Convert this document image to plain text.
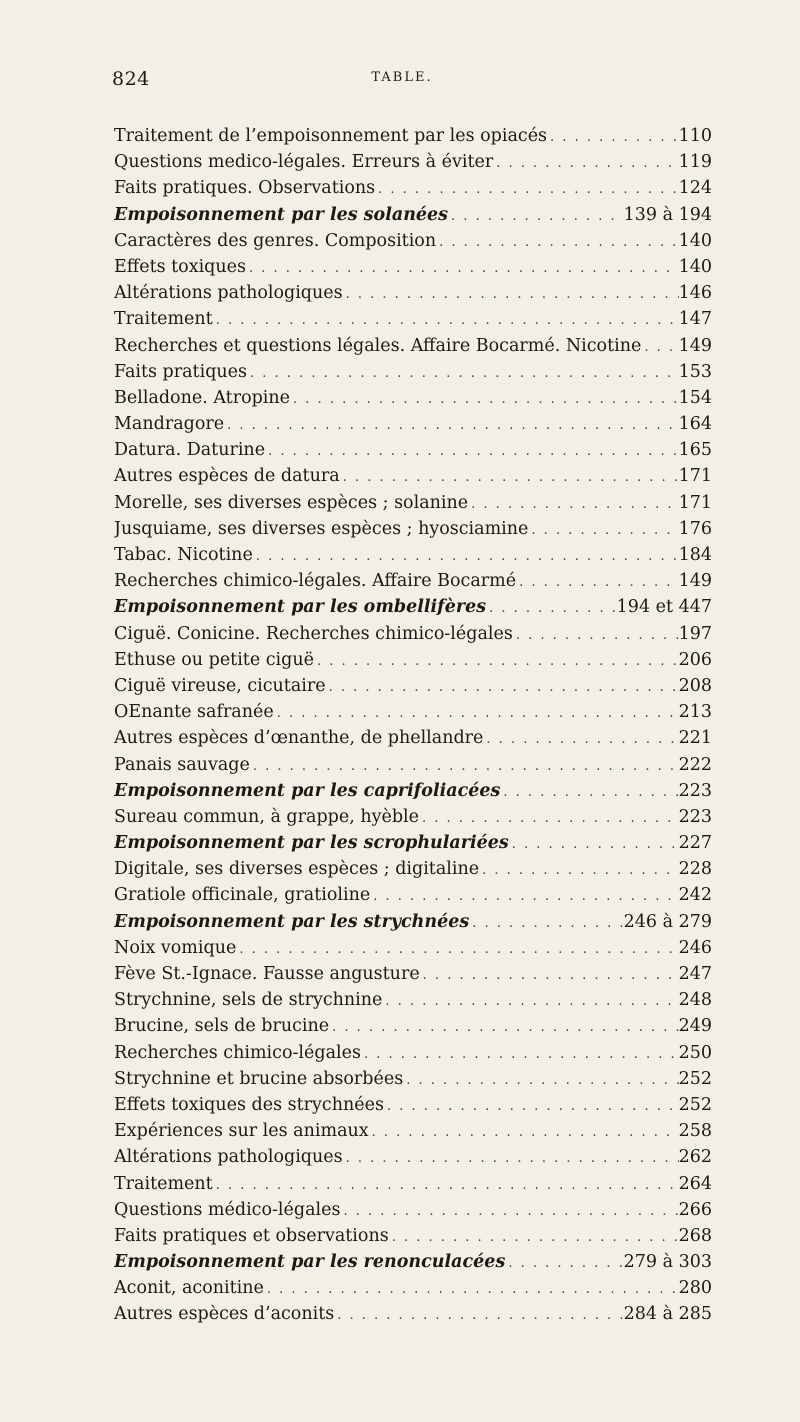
824	TABLE.
Traitement de l’empoisonnement par les opiacés . . .	110
Questions medico-légales. Erreurs à éviter . . .	119
Faits pratiques. Observations . . .	124
Empoisonnement par les solanées . . .	139 à 194
Caractères des genres. Composition . . .	140
Effets toxiques . . .	140
Altérations pathologiques . . .	146
Traitement . . .	147
Recherches et questions légales. Affaire Bocarmé. Nicotine . . . 149
Faits pratiques . . .	153
Belladone. Atropine . . .	154
Mandragore . . .	164
Datura. Daturine . . .	165
Autres espèces de datura . . .	171
Morelle, ses diverses espèces ; solanine . . .	171
Jusquiame, ses diverses espèces ; hyosciamine . . .	176
Tabac. Nicotine . . .	184
Recherches chimico-légales. Affaire Bocarmé . . .	149
Empoisonnement par les ombellifères . . .	194 et 447
Ciguë. Conicine. Recherches chimico-légales . . .	197
Ethuse ou petite ciguë . . .	206
Ciguë vireuse, cicutaire . . .	208
OEnante safranée . . .	213
Autres espèces d’œnanthe, de phellandre . . .	221
Panais sauvage . . .	222
Empoisonnement par les caprifoliacées . . .	223
Sureau commun, à grappe, hyèble . . .	223
Empoisonnement par les scrophulariées . . .	227
Digitale, ses diverses espèces ; digitaline . . .	228
Gratiole officinale, gratioline . . .	242
Empoisonnement par les strychnées . . .	246 à 279
Noix vomique . . .	246
Fève St.-Ignace. Fausse angusture . . .	247
Strychnine, sels de strychnine . . .	248
Brucine, sels de brucine . . .	249
Recherches chimico-légales . . .	250
Strychnine et brucine absorbées . . .	252
Effets toxiques des strychnées . . .	252
Expériences sur les animaux . . .	258
Altérations pathologiques . . .	262
Traitement . . .	264
Questions médico-légales . . .	266
Faits pratiques et observations . . .	268
Empoisonnement par les renonculacées . . .	279 à 303
Aconit, aconitine . . .	280
Autres espèces d’aconits . . .	284 à 285
